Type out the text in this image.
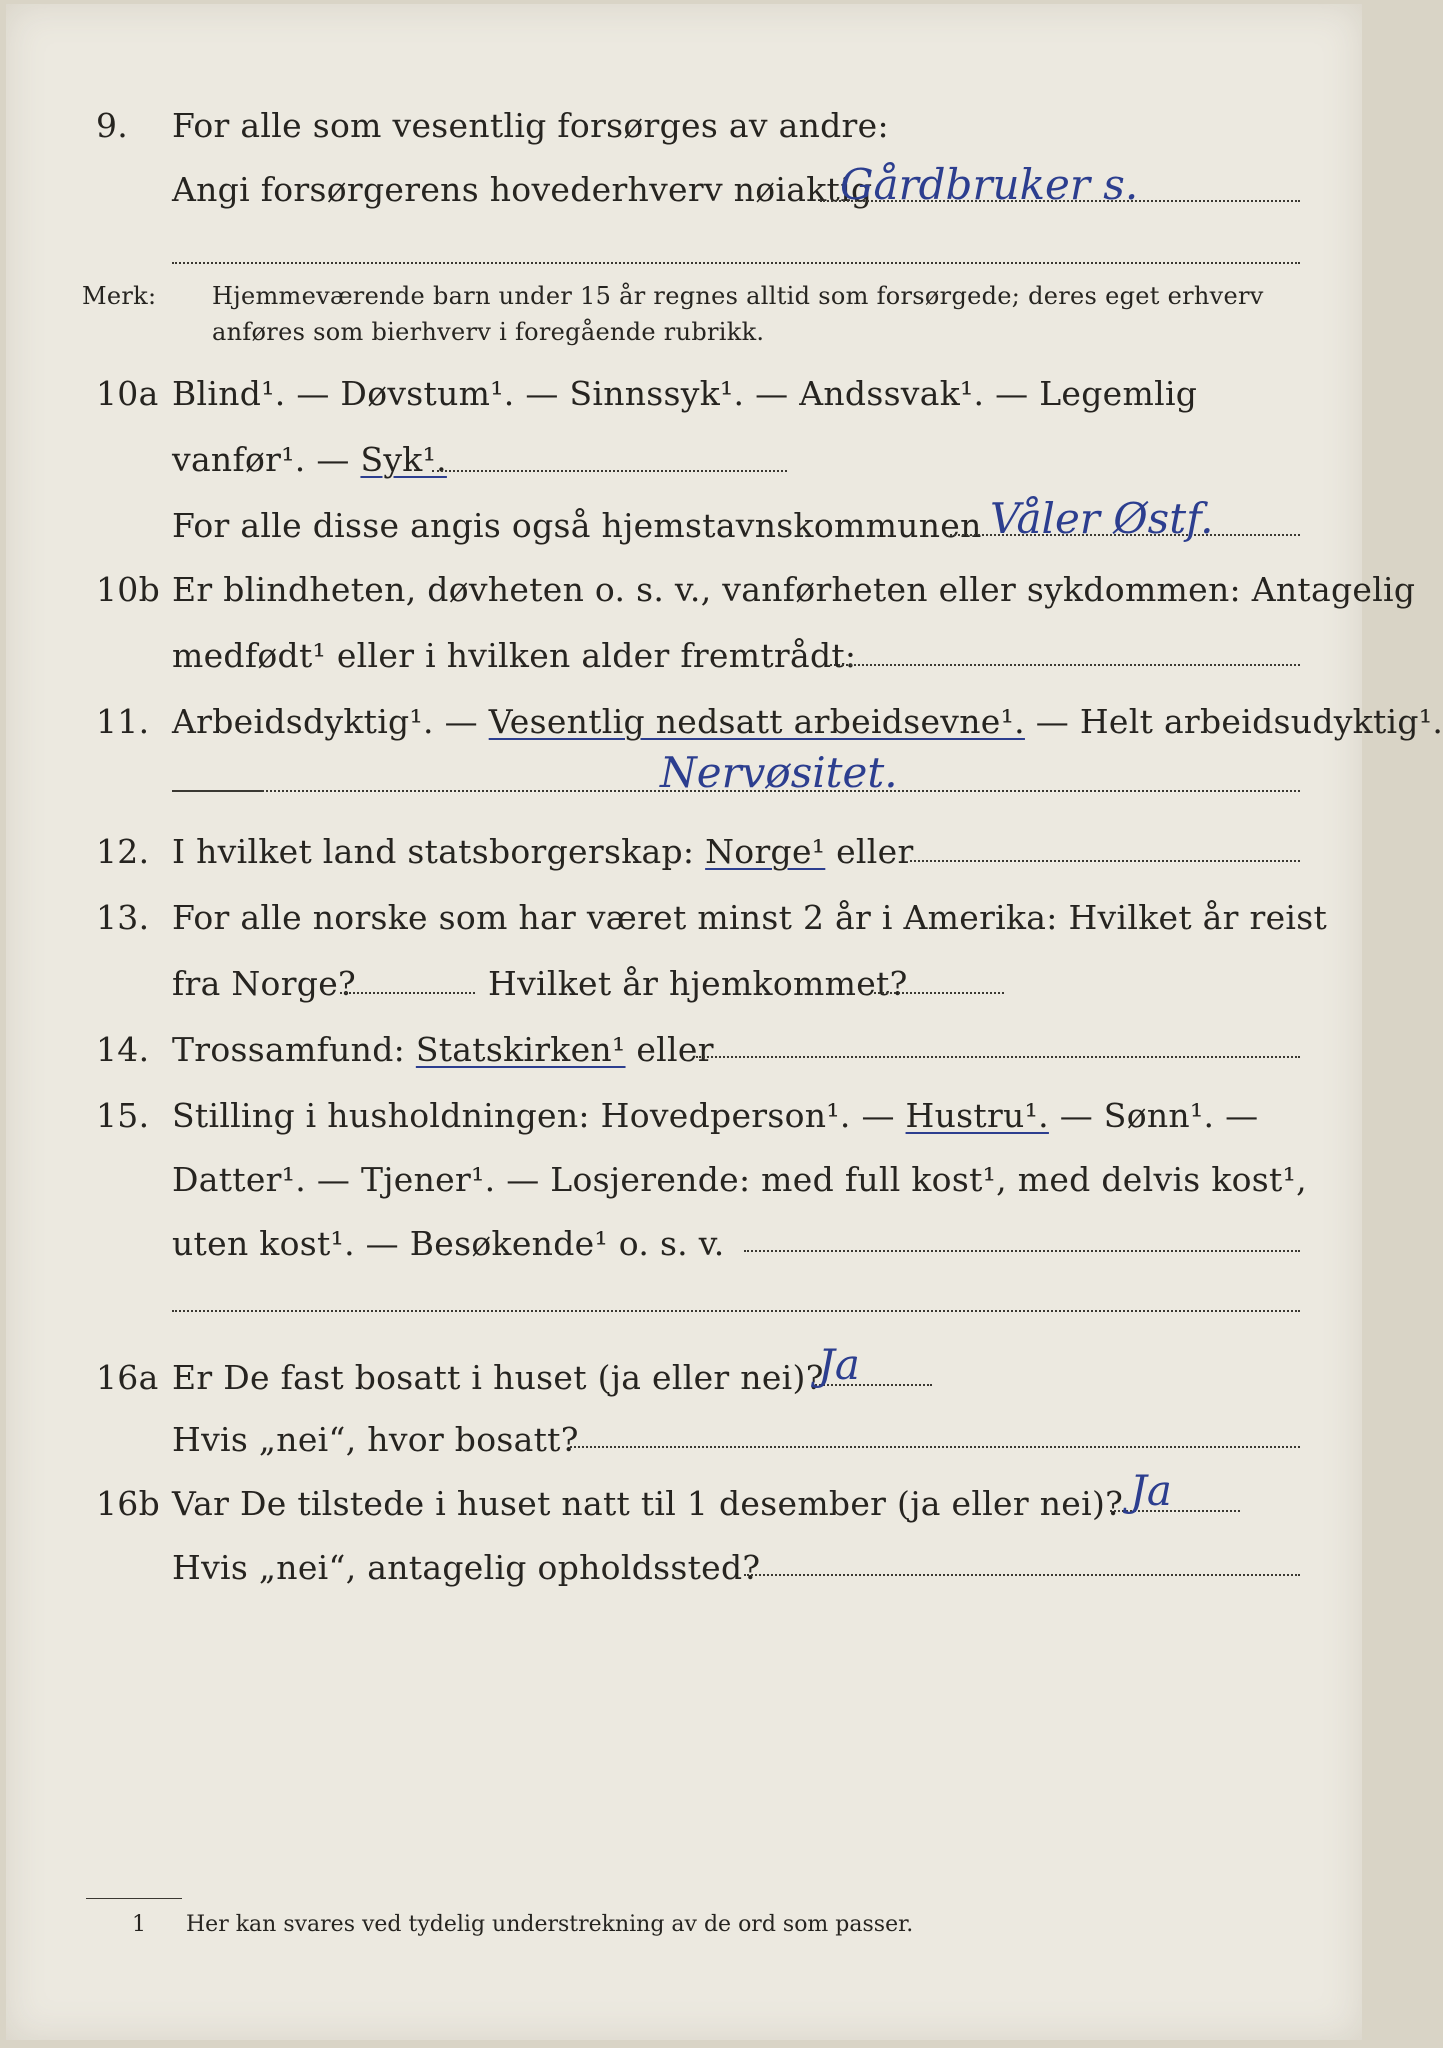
9. For alle som vesentlig forsørges av andre:
Angi forsørgerens hovederhverv nøiaktig
Gårdbruker s.
Merk: Hjemmeværende barn under 15 år regnes alltid som forsørgede; deres eget erhverv
anføres som bierhverv i foregående rubrikk.
10a Blind¹. — Døvstum¹. — Sinnssyk¹. — Andssvak¹. — Legemlig
vanfør¹. — Syk¹.
For alle disse angis også hjemstavnskommunen Våler Østf.
10b Er blindheten, døvheten o. s. v., vanførheten eller sykdommen: Antagelig
medfødt¹ eller i hvilken alder fremtrådt:
11. Arbeidsdyktig¹. — Vesentlig nedsatt arbeidsevne¹. — Helt arbeidsudyktig¹.
Nervøsitet.
12. I hvilket land statsborgerskap: Norge¹ eller
13. For alle norske som har været minst 2 år i Amerika: Hvilket år reist
fra Norge?	Hvilket år hjemkommet?
14. Trossamfund: Statskirken¹ eller
15. Stilling i husholdningen: Hovedperson¹. — Hustru¹. — Sønn¹. —
Datter¹. — Tjener¹. — Losjerende: med full kost¹, med delvis kost¹,
uten kost¹. — Besøkende¹ o. s. v.
16a Er De fast bosatt i huset (ja eller nei)?
Ja
Hvis „nei“, hvor bosatt?
16b Var De tilstede i huset natt til 1 desember (ja eller nei)? Ja
Hvis „nei“, antagelig opholdssted?
1 Her kan svares ved tydelig understrekning av de ord som passer.
